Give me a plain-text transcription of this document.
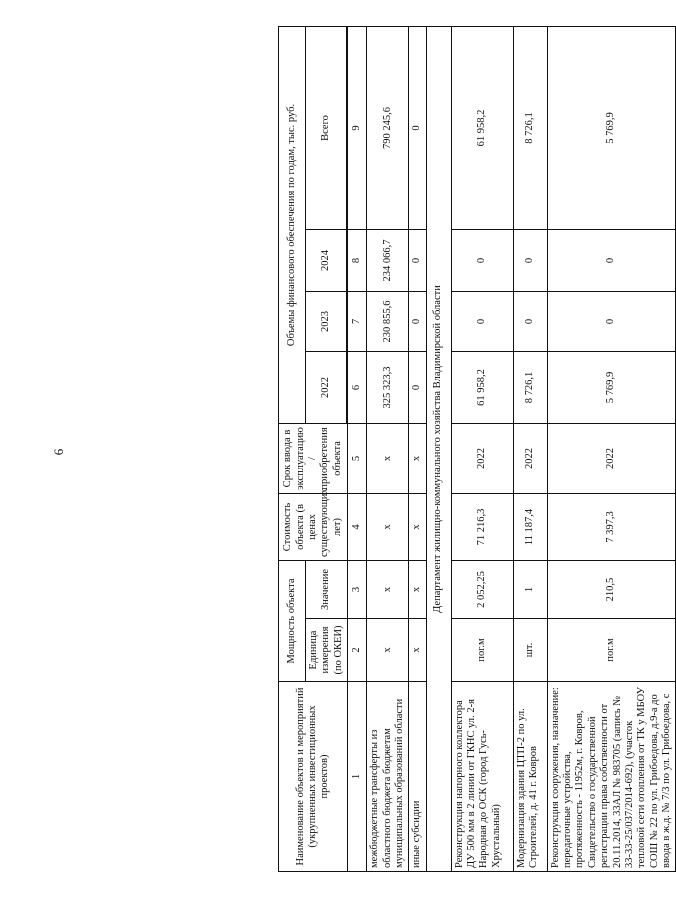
6
Наименование объектов и мероприятий (укрупненных инвестиционных проектов)	Мощность объекта		Стоимость объекта (в ценах существующих лет)	Срок ввода в эксплуатацию / приобретения объекта	Объемы финансового обеспечения по годам, тыс. руб.			
	Единица измерения (по ОКЕИ)	Значение			2022	2023	2024	Всего

1	2	3	4	5	6	7	8	9
межбюджетные трансферты из областного бюджета бюджетам муниципальных образований области	х	х	х	х	325 323,3	230 855,6	234 066,7	790 245,6
иные субсидии	х	х	х	х	0	0	0	0
Департамент жилищно-коммунального хозяйства Владимирской области								
Реконструкция напорного коллектора ДУ 500 мм в 2 линии от ГКНС ул. 2-я Народная до ОСК (город Гусь-Хрустальный)	пог.м	2 052,25	71 216,3	2022	61 958,2	0	0	61 958,2
Модернизация здания ЦТП-2 по ул. Строителей, д. 41 г. Ковров	шт.	1	11 187,4	2022	8 726,1	0	0	8 726,1
Реконструкция сооружения, назначение: передаточные устройства, протяженность - 11952м, г. Ковров, Свидетельство о государственной регистрации права собственности от 20.11.2014, 33АЛ № 983705 (запись № 33-33-25/037/2014-692), (участок тепловой сети отопления от ТК у МБОУ СОШ № 22 по ул. Грибоедова, д.9-а до ввода в ж.д. № 7/3 по ул. Грибоедова, с	пог.м	210,5	7 397,3	2022	5 769,9	0	0	5 769,9
